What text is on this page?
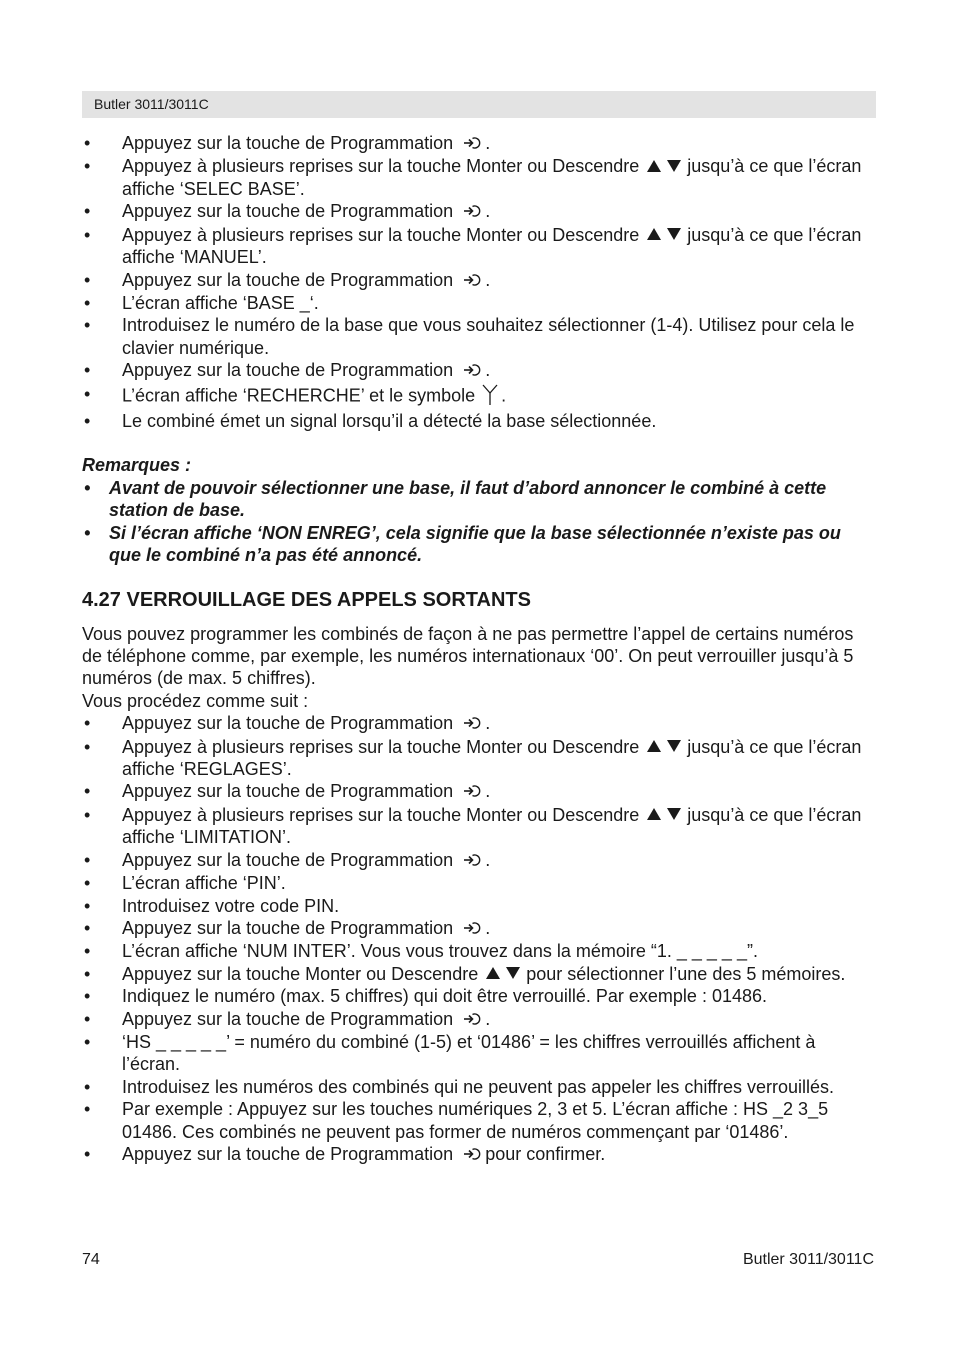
Butler 3011/3011C
• Appuyez sur la touche de Programmation .
• Appuyez à plusieurs reprises sur la touche Monter ou Descendre	jusqu’à ce que l’écran affiche ‘SELEC BASE’.
• Appuyez sur la touche de Programmation .
• Appuyez à plusieurs reprises sur la touche Monter ou Descendre	jusqu’à ce que l’écran affiche ‘MANUEL’.
• Appuyez sur la touche de Programmation .
• L’écran affiche ‘BASE _‘.
• Introduisez le numéro de la base que vous souhaitez sélectionner (1-4). Utilisez pour cela le clavier numérique.
• Appuyez sur la touche de Programmation .
• L’écran affiche ‘RECHERCHE’ et le symbole .
• Le combiné émet un signal lorsqu’il a détecté la base sélectionnée.
Remarques :
• Avant de pouvoir sélectionner une base, il faut d’abord annoncer le combiné à cette station de base.
• Si l’écran affiche ‘NON ENREG’, cela signifie que la base sélectionnée n’existe pas ou que le combiné n’a pas été annoncé.
4.27 VERROUILLAGE DES APPELS SORTANTS

Vous pouvez programmer les combinés de façon à ne pas permettre l’appel de certains numéros de téléphone comme, par exemple, les numéros internationaux ‘00’. On peut verrouiller jusqu’à 5 numéros (de max. 5 chiffres).

Vous procédez comme suit :

• Appuyez sur la touche de Programmation .
• Appuyez à plusieurs reprises sur la touche Monter ou Descendre	jusqu’à ce que l’écran affiche ‘REGLAGES’.
• Appuyez sur la touche de Programmation .
• Appuyez à plusieurs reprises sur la touche Monter ou Descendre	jusqu’à ce que l’écran affiche ‘LIMITATION’.
• Appuyez sur la touche de Programmation .
• L’écran affiche ‘PIN’.
• Introduisez votre code PIN.
• Appuyez sur la touche de Programmation .
• L’écran affiche ‘NUM INTER’. Vous vous trouvez dans la mémoire “1. _ _ _ _ _”.
• Appuyez sur la touche Monter ou Descendre	pour sélectionner l’une des 5 mémoires.
• Indiquez le numéro (max. 5 chiffres) qui doit être verrouillé. Par exemple : 01486.
• Appuyez sur la touche de Programmation .
• ‘HS _ _ _ _ _’ = numéro du combiné (1-5) et ‘01486’ = les chiffres verrouillés affichent à l’écran.
• Introduisez les numéros des combinés qui ne peuvent pas appeler les chiffres verrouillés.
• Par exemple : Appuyez sur les touches numériques 2, 3 et 5. L’écran affiche : HS _2 3_5 01486. Ces combinés ne peuvent pas former de numéros commençant par ‘01486’.
• Appuyez sur la touche de Programmation pour confirmer.
74	Butler 3011/3011C
